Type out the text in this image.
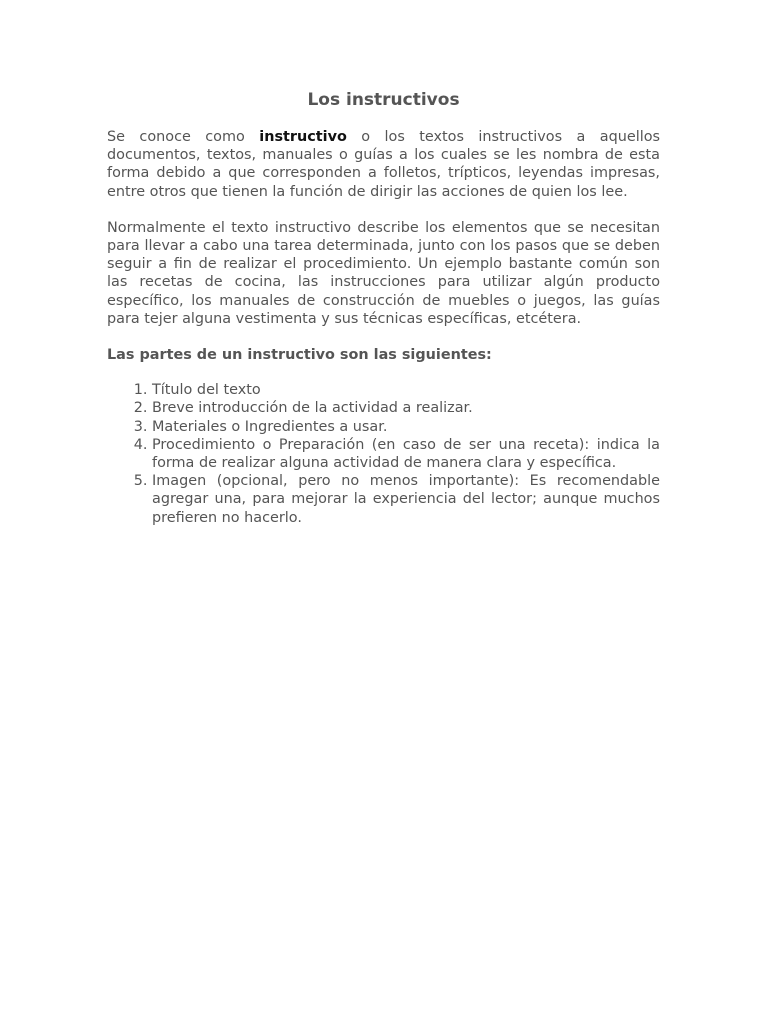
Los instructivos

Se conoce como instructivo o los textos instructivos a aquellos documentos, textos, manuales o guías a los cuales se les nombra de esta forma debido a que corresponden a folletos, trípticos, leyendas impresas, entre otros que tienen la función de dirigir las acciones de quien los lee.

Normalmente el texto instructivo describe los elementos que se necesitan para llevar a cabo una tarea determinada, junto con los pasos que se deben seguir a fin de realizar el procedimiento. Un ejemplo bastante común son las recetas de cocina, las instrucciones para utilizar algún producto específico, los manuales de construcción de muebles o juegos, las guías para tejer alguna vestimenta y sus técnicas específicas, etcétera.

Las partes de un instructivo son las siguientes:

1. Título del texto
2. Breve introducción de la actividad a realizar.
3. Materiales o Ingredientes a usar.
4. Procedimiento o Preparación (en caso de ser una receta): indica la forma de realizar alguna actividad de manera clara y específica.
5. Imagen (opcional, pero no menos importante): Es recomendable agregar una, para mejorar la experiencia del lector; aunque muchos prefieren no hacerlo.
